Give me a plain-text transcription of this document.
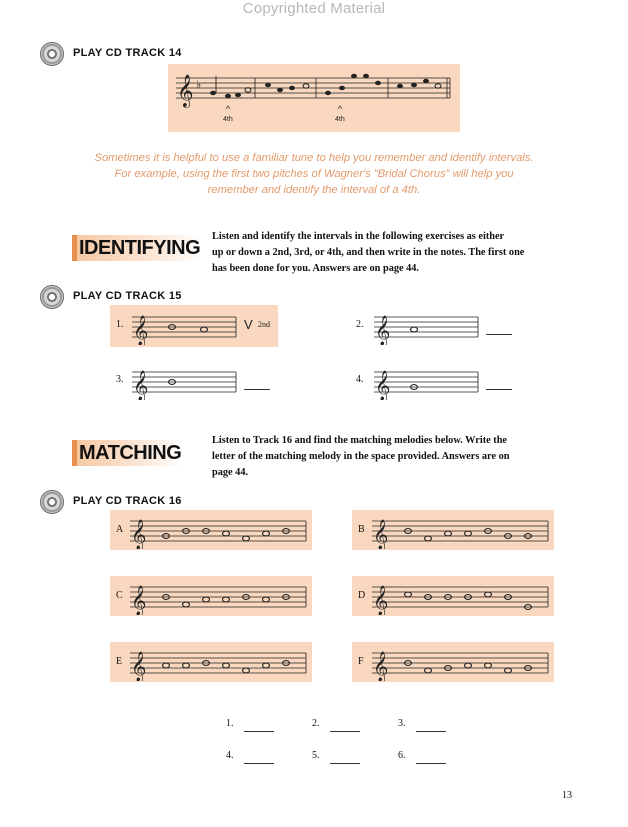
Copyrighted Material
PLAY CD TRACK 14
𝄞 ♭
^	^
4th	4th
Sometimes it is helpful to use a familiar tune to help you remember and identify intervals.
For example, using the first two pitches of Wagner's "Bridal Chorus" will help you
remember and identify the interval of a 4th.
IDENTIFYING
Listen and identify the intervals in the following exercises as either
up or down a 2nd, 3rd, or 4th, and then write in the notes. The first one
has been done for you. Answers are on page 44.
PLAY CD TRACK 15
1. 𝄞	V 2nd	2. 𝄞
3. 𝄞	4. 𝄞
MATCHING
Listen to Track 16 and find the matching melodies below. Write the
letter of the matching melody in the space provided. Answers are on
page 44.
PLAY CD TRACK 16
A 𝄞	B 𝄞
C 𝄞	D 𝄞
E 𝄞	F 𝄞
1.	2.	3.
4.	5.	6.
13
